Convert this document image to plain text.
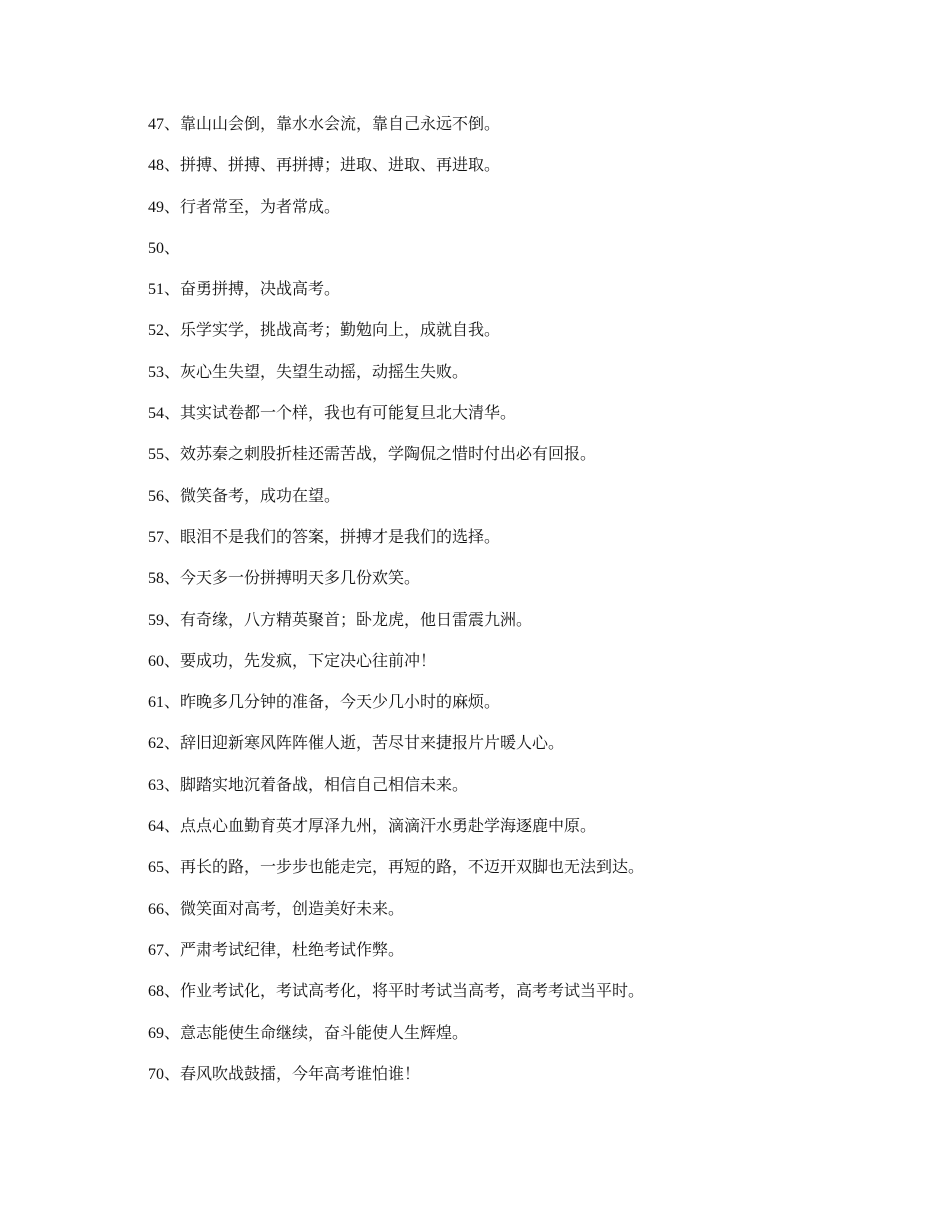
47、靠山山会倒，靠水水会流，靠自己永远不倒。
48、拼搏、拼搏、再拼搏；进取、进取、再进取。
49、行者常至，为者常成。
50、
51、奋勇拼搏，决战高考。
52、乐学实学，挑战高考；勤勉向上，成就自我。
53、灰心生失望，失望生动摇，动摇生失败。
54、其实试卷都一个样，我也有可能复旦北大清华。
55、效苏秦之刺股折桂还需苦战，学陶侃之惜时付出必有回报。
56、微笑备考，成功在望。
57、眼泪不是我们的答案，拼搏才是我们的选择。
58、今天多一份拼搏明天多几份欢笑。
59、有奇缘，八方精英聚首；卧龙虎，他日雷震九洲。
60、要成功，先发疯，下定决心往前冲！
61、昨晚多几分钟的准备，今天少几小时的麻烦。
62、辞旧迎新寒风阵阵催人逝，苦尽甘来捷报片片暖人心。
63、脚踏实地沉着备战，相信自己相信未来。
64、点点心血勤育英才厚泽九州，滴滴汗水勇赴学海逐鹿中原。
65、再长的路，一步步也能走完，再短的路，不迈开双脚也无法到达。
66、微笑面对高考，创造美好未来。
67、严肃考试纪律，杜绝考试作弊。
68、作业考试化，考试高考化，将平时考试当高考，高考考试当平时。
69、意志能使生命继续，奋斗能使人生辉煌。
70、春风吹战鼓擂，今年高考谁怕谁！
